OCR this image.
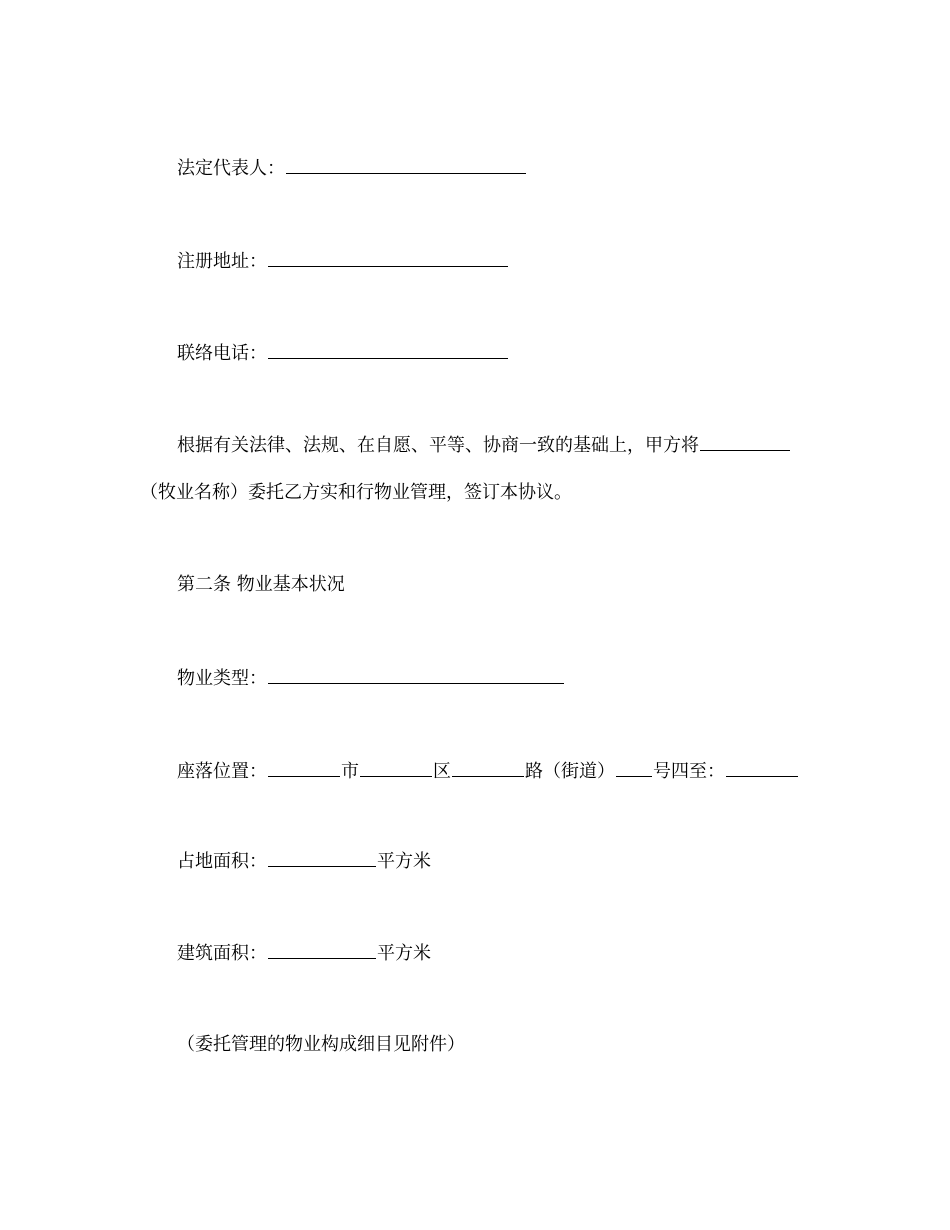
法定代表人：
注册地址：
联络电话：
根据有关法律、法规、在自愿、平等、协商一致的基础上，甲方将
（牧业名称）委托乙方实和行物业管理，签订本协议。
第二条 物业基本状况
物业类型：
座落位置：	市	区	路（街道） 号四至：
占地面积：	平方米
建筑面积：	平方米
（委托管理的物业构成细目见附件）
